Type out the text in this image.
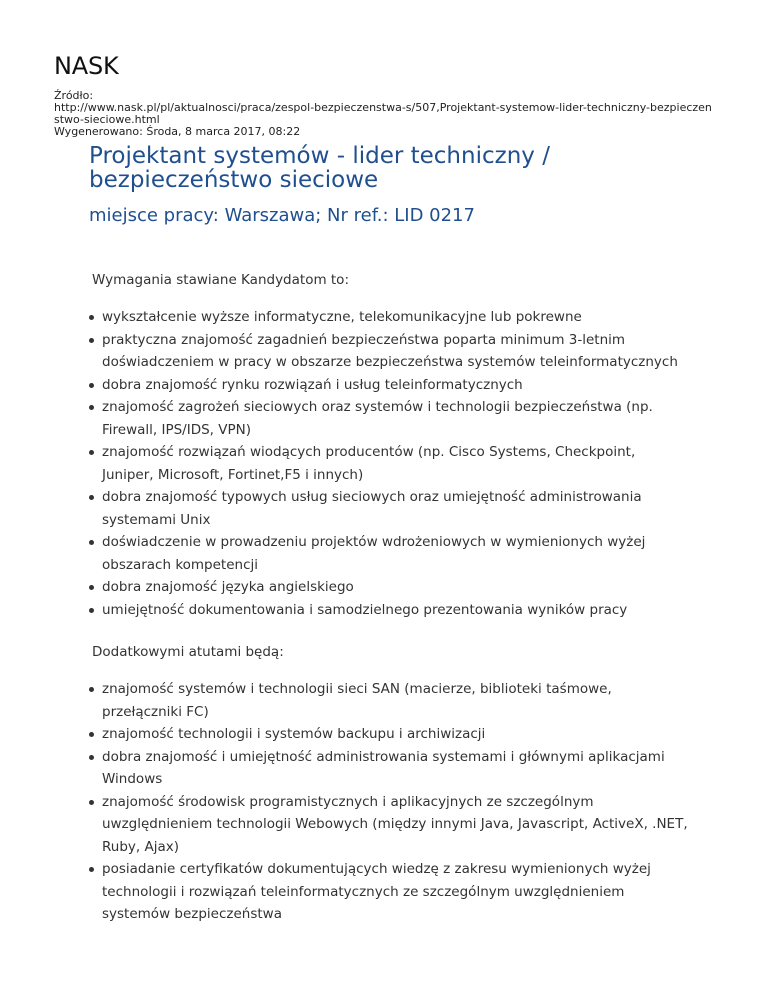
NASK
Źródło:
http://www.nask.pl/pl/aktualnosci/praca/zespol-bezpieczenstwa-s/507,Projektant-systemow-lider-techniczny-bezpieczenstwo-sieciowe.html
Wygenerowano: Środa, 8 marca 2017, 08:22
Projektant systemów - lider techniczny / bezpieczeństwo sieciowe
miejsce pracy: Warszawa; Nr ref.: LID 0217

Wymagania stawiane Kandydatom to:

wykształcenie wyższe informatyczne, telekomunikacyjne lub pokrewne
praktyczna znajomość zagadnień bezpieczeństwa poparta minimum 3-letnim doświadczeniem w pracy w obszarze bezpieczeństwa systemów teleinformatycznych
dobra znajomość rynku rozwiązań i usług teleinformatycznych
znajomość zagrożeń sieciowych oraz systemów i technologii bezpieczeństwa (np. Firewall, IPS/IDS, VPN)
znajomość rozwiązań wiodących producentów (np. Cisco Systems, Checkpoint, Juniper, Microsoft, Fortinet,F5 i innych)
dobra znajomość typowych usług sieciowych oraz umiejętność administrowania systemami Unix
doświadczenie w prowadzeniu projektów wdrożeniowych w wymienionych wyżej obszarach kompetencji
dobra znajomość języka angielskiego
umiejętność dokumentowania i samodzielnego prezentowania wyników pracy

Dodatkowymi atutami będą:

znajomość systemów i technologii sieci SAN (macierze, biblioteki taśmowe, przełączniki FC)
znajomość technologii i systemów backupu i archiwizacji
dobra znajomość i umiejętność administrowania systemami i głównymi aplikacjami Windows
znajomość środowisk programistycznych i aplikacyjnych ze szczególnym uwzględnieniem technologii Webowych (między innymi Java, Javascript, ActiveX, .NET, Ruby, Ajax)
posiadanie certyfikatów dokumentujących wiedzę z zakresu wymienionych wyżej technologii i rozwiązań teleinformatycznych ze szczególnym uwzględnieniem systemów bezpieczeństwa
